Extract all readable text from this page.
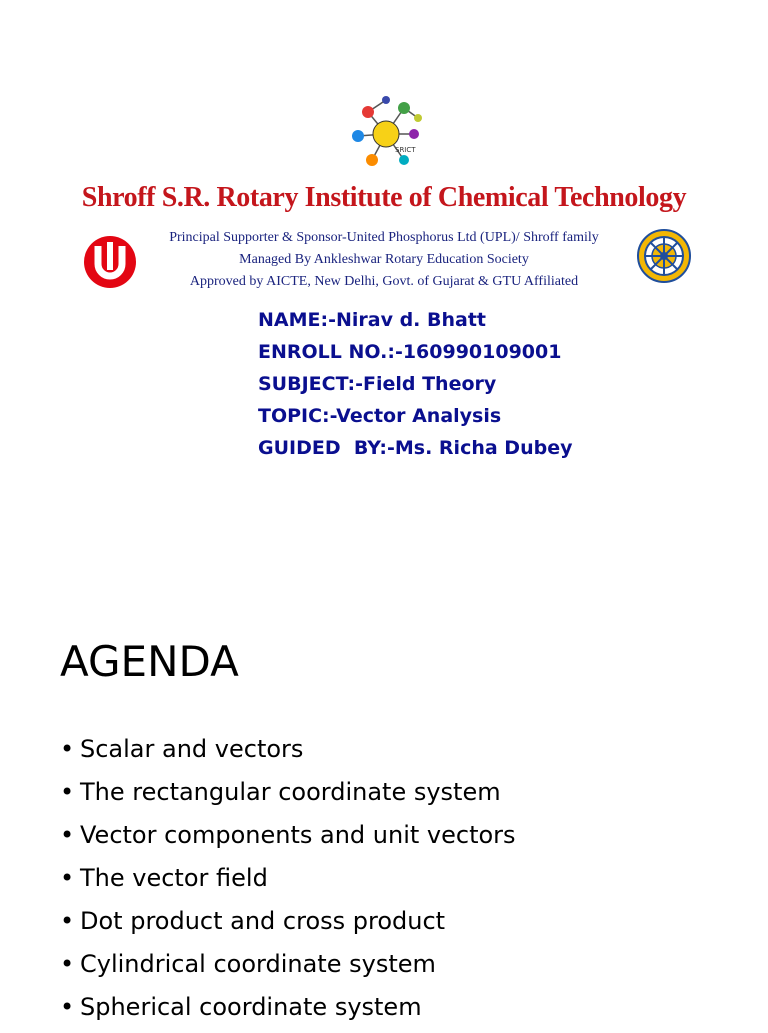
SRICT
Shroff S.R. Rotary Institute of Chemical Technology
Principal Supporter & Sponsor-United Phosphorus Ltd (UPL)/ Shroff family
Managed By Ankleshwar Rotary Education Society
Approved by AICTE, New Delhi, Govt. of Gujarat & GTU Affiliated
NAME:-Nirav d. Bhatt
ENROLL NO.:-160990109001
SUBJECT:-Field Theory
TOPIC:-Vector Analysis
GUIDED  BY:-Ms. Richa Dubey
AGENDA
• Scalar and vectors
• The rectangular coordinate system
• Vector components and unit vectors
• The vector field
• Dot product and cross product
• Cylindrical coordinate system
• Spherical coordinate system
